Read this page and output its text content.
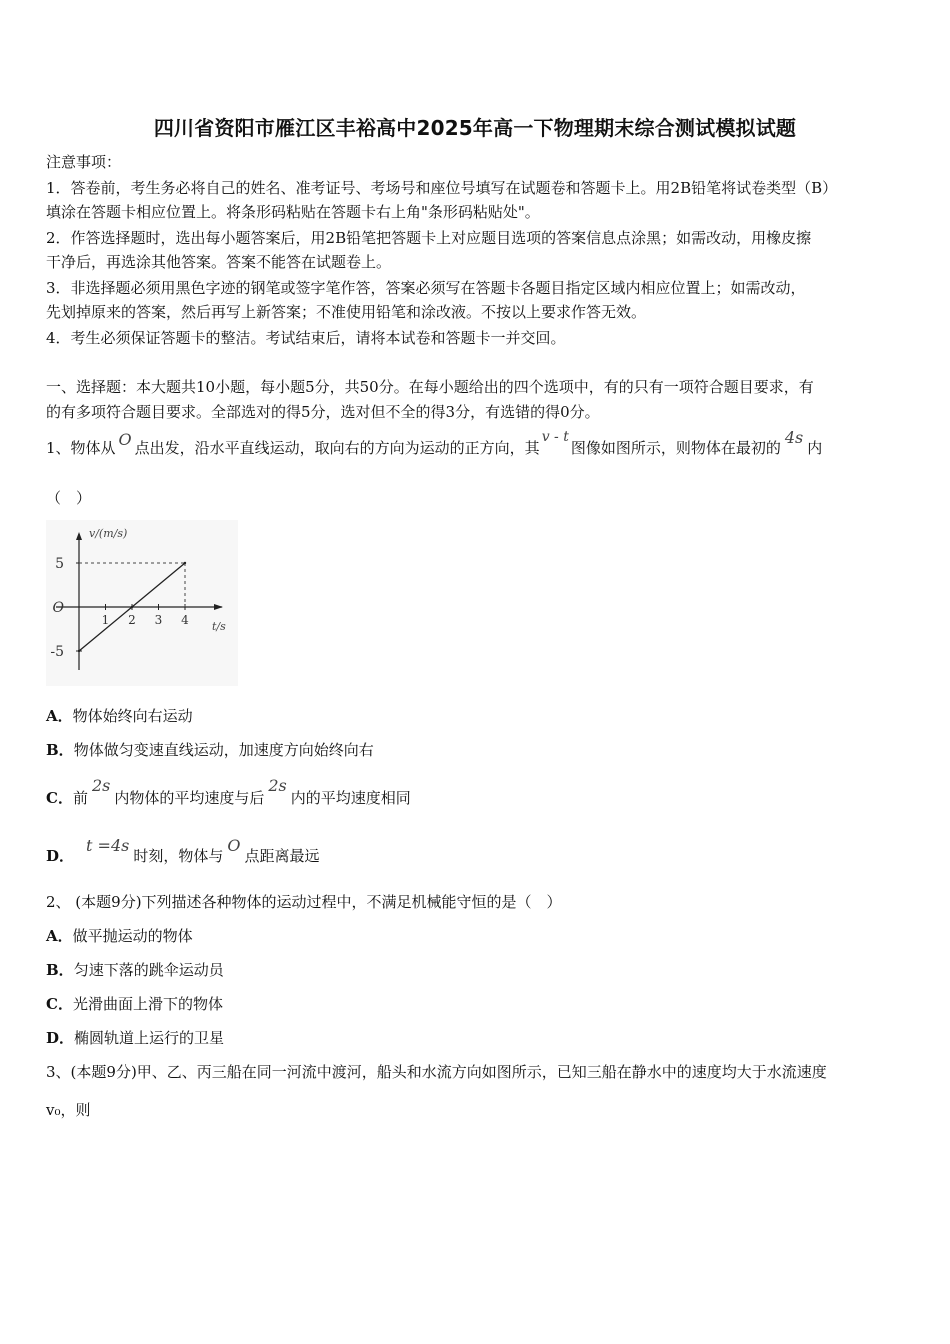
四川省资阳市雁江区丰裕高中2025年高一下物理期末综合测试模拟试题
注意事项：
1．答卷前，考生务必将自己的姓名、准考证号、考场号和座位号填写在试题卷和答题卡上。用2B铅笔将试卷类型（B）
填涂在答题卡相应位置上。将条形码粘贴在答题卡右上角"条形码粘贴处"。
2．作答选择题时，选出每小题答案后，用2B铅笔把答题卡上对应题目选项的答案信息点涂黑；如需改动，用橡皮擦
干净后，再选涂其他答案。答案不能答在试题卷上。
3．非选择题必须用黑色字迹的钢笔或签字笔作答，答案必须写在答题卡各题目指定区域内相应位置上；如需改动，
先划掉原来的答案，然后再写上新答案；不准使用铅笔和涂改液。不按以上要求作答无效。
4．考生必须保证答题卡的整洁。考试结束后，请将本试卷和答题卡一并交回。
一、选择题：本大题共10小题，每小题5分，共50分。在每小题给出的四个选项中，有的只有一项符合题目要求，有
的有多项符合题目要求。全部选对的得5分，选对但不全的得3分，有选错的得0分。
1、物体从 O 点出发，沿水平直线运动，取向右的方向为运动的正方向，其v - t图像如图所示，则物体在最初的4s内
（　）
v/(m/s)
t/s
5
O
-5
1 2 3 4
A．物体始终向右运动
B．物体做匀变速直线运动，加速度方向始终向右
C．前2s内物体的平均速度与后2s内的平均速度相同
D．t =4s时刻，物体与O点距离最远
2、 (本题9分)下列描述各种物体的运动过程中，不满足机械能守恒的是（　）
A．做平抛运动的物体
B．匀速下落的跳伞运动员
C．光滑曲面上滑下的物体
D．椭圆轨道上运行的卫星
3、(本题9分)甲、乙、丙三船在同一河流中渡河，船头和水流方向如图所示，已知三船在静水中的速度均大于水流速度
v₀，则
